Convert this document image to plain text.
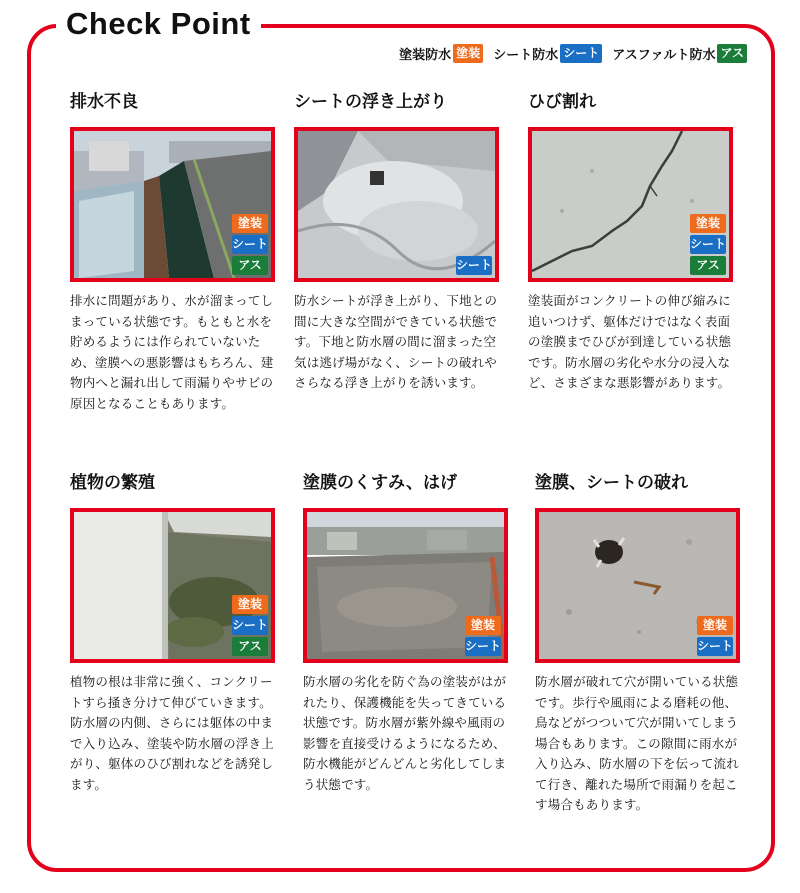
Check Point
塗装防水 塗装 シート防水 シート アスファルト防水 アス
排水不良
塗装
シート
アス
排水に問題があり、水が溜まってしまっている状態です。もともと水を貯めるようには作られていないため、塗膜への悪影響はもちろん、建物内へと漏れ出して雨漏りやサビの原因となることもあります。
シートの浮き上がり
シート
防水シートが浮き上がり、下地との間に大きな空間ができている状態です。下地と防水層の間に溜まった空気は逃げ場がなく、シートの破れやさらなる浮き上がりを誘います。
ひび割れ
塗装
シート
アス
塗装面がコンクリートの伸び縮みに追いつけず、躯体だけではなく表面の塗膜までひびが到達している状態です。防水層の劣化や水分の浸入など、さまざまな悪影響があります。
植物の繁殖
塗装
シート
アス
植物の根は非常に強く、コンクリートすら掻き分けて伸びていきます。防水層の内側、さらには躯体の中まで入り込み、塗装や防水層の浮き上がり、躯体のひび割れなどを誘発します。
塗膜のくすみ、はげ
塗装
シート
防水層の劣化を防ぐ為の塗装がはがれたり、保護機能を失ってきている状態です。防水層が紫外線や風雨の影響を直接受けるようになるため、防水機能がどんどんと劣化してしまう状態です。
塗膜、シートの破れ
塗装
シート
防水層が破れて穴が開いている状態です。歩行や風雨による磨耗の他、鳥などがつついて穴が開いてしまう場合もあります。この隙間に雨水が入り込み、防水層の下を伝って流れて行き、離れた場所で雨漏りを起こす場合もあります。
